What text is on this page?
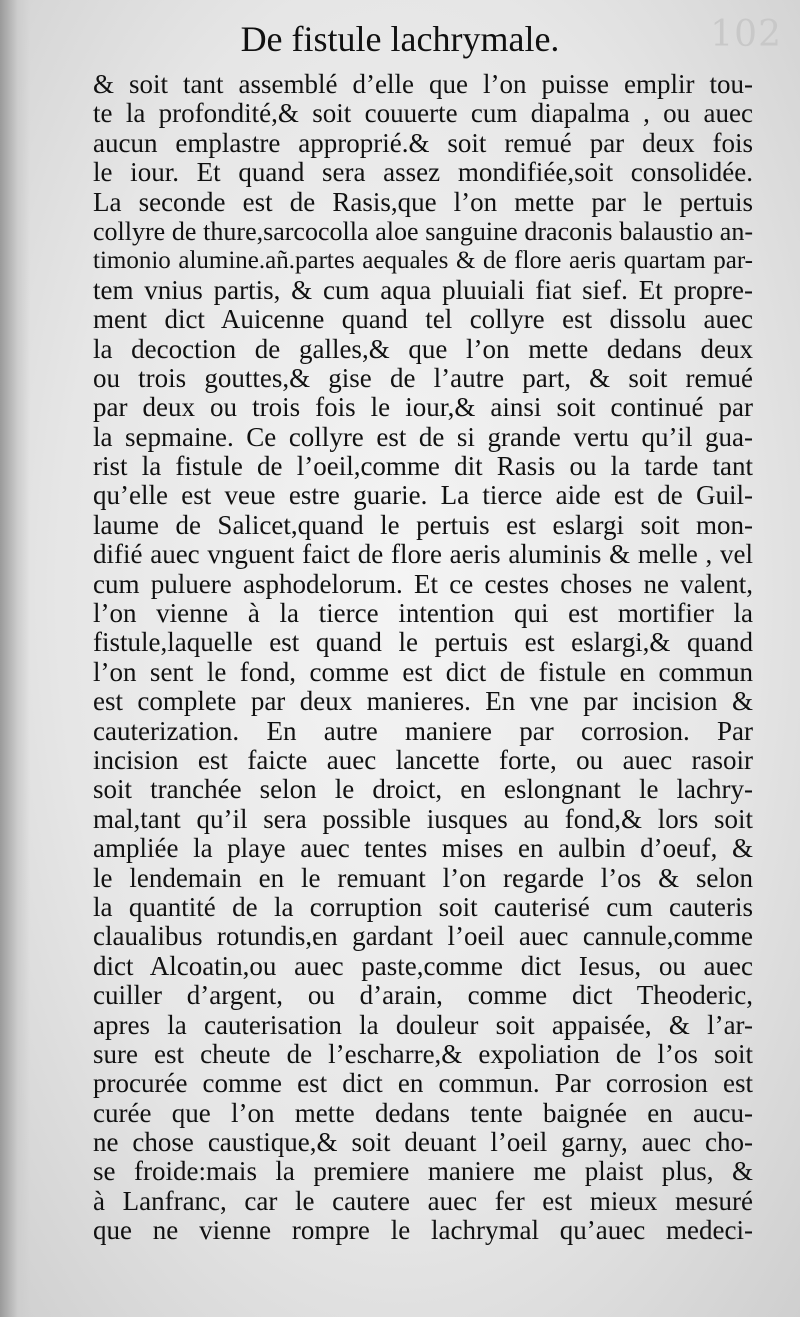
102
De fistule lachrymale.
& soit tant assemblé d’elle que l’on puisse emplir tou-
te la profondité,& soit couuerte cum diapalma , ou auec
aucun emplastre approprié.& soit remué par deux fois
le iour. Et quand sera assez mondifiée,soit consolidée.
La seconde est de Rasis,que l’on mette par le pertuis
collyre de thure,sarcocolla aloe sanguine draconis balaustio an-
timonio alumine.añ.partes aequales & de flore aeris quartam par-
tem vnius partis, & cum aqua pluuiali fiat sief. Et propre-
ment dict Auicenne quand tel collyre est dissolu auec
la decoction de galles,& que l’on mette dedans deux
ou trois gouttes,& gise de l’autre part, & soit remué
par deux ou trois fois le iour,& ainsi soit continué par
la sepmaine. Ce collyre est de si grande vertu qu’il gua-
rist la fistule de l’oeil,comme dit Rasis ou la tarde tant
qu’elle est veue estre guarie. La tierce aide est de Guil-
laume de Salicet,quand le pertuis est eslargi soit mon-
difié auec vnguent faict de flore aeris aluminis & melle , vel
cum puluere asphodelorum. Et ce cestes choses ne valent,
l’on vienne à la tierce intention qui est mortifier la
fistule,laquelle est quand le pertuis est eslargi,& quand
l’on sent le fond, comme est dict de fistule en commun
est complete par deux manieres. En vne par incision &
cauterization. En autre maniere par corrosion. Par
incision est faicte auec lancette forte, ou auec rasoir
soit tranchée selon le droict, en eslongnant le lachry-
mal,tant qu’il sera possible iusques au fond,& lors soit
ampliée la playe auec tentes mises en aulbin d’oeuf, &
le lendemain en le remuant l’on regarde l’os & selon
la quantité de la corruption soit cauterisé cum cauteris
claualibus rotundis,en gardant l’oeil auec cannule,comme
dict Alcoatin,ou auec paste,comme dict Iesus, ou auec
cuiller d’argent, ou d’arain, comme dict Theoderic,
apres la cauterisation la douleur soit appaisée, & l’ar-
sure est cheute de l’escharre,& expoliation de l’os soit
procurée comme est dict en commun. Par corrosion est
curée que l’on mette dedans tente baignée en aucu-
ne chose caustique,& soit deuant l’oeil garny, auec cho-
se froide:mais la premiere maniere me plaist plus, &
à Lanfranc, car le cautere auec fer est mieux mesuré
que ne vienne rompre le lachrymal qu’auec medeci-
